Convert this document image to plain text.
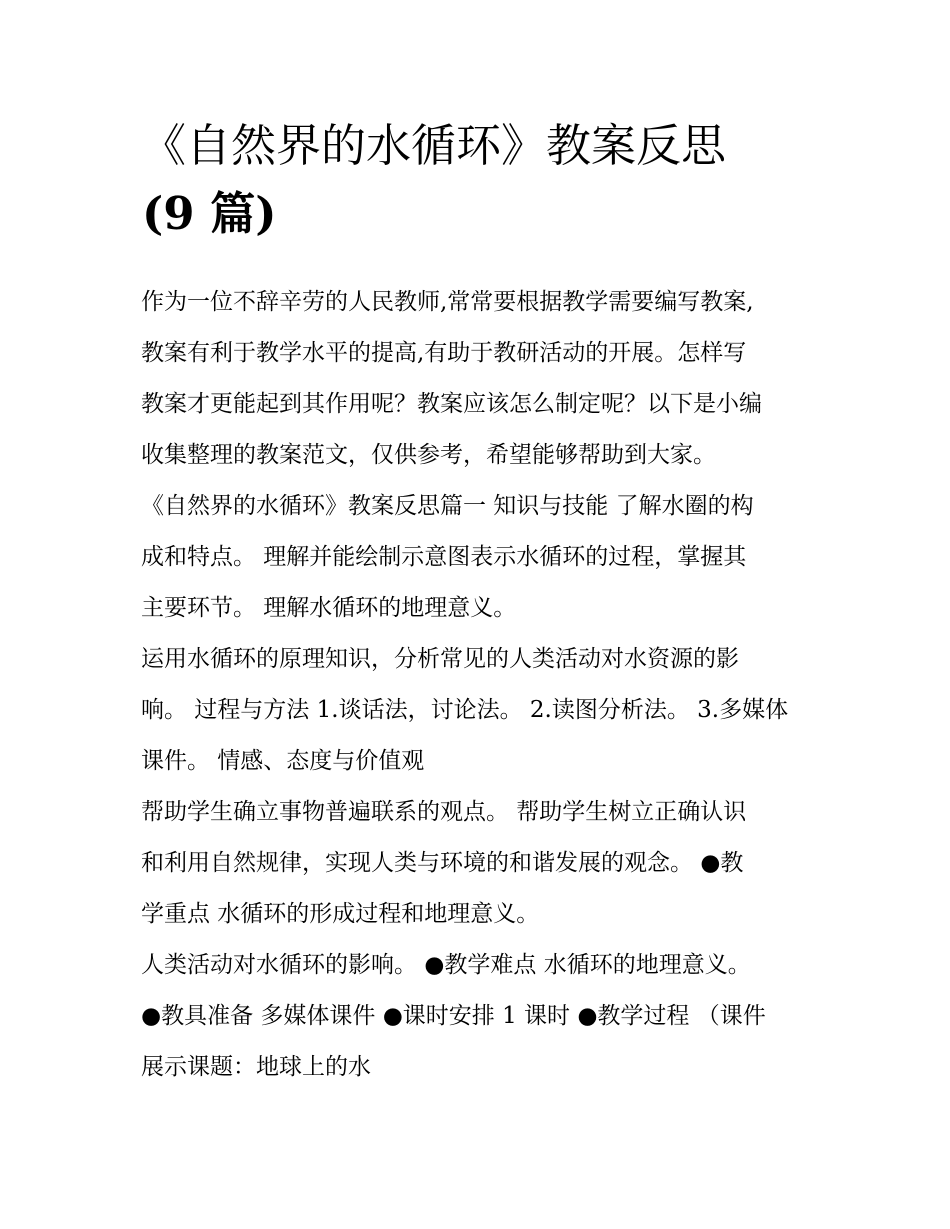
《自然界的水循环》教案反思
(9 篇)
作为一位不辞辛劳的人民教师,常常要根据教学需要编写教案,
教案有利于教学水平的提高,有助于教研活动的开展。怎样写
教案才更能起到其作用呢？教案应该怎么制定呢？以下是小编
收集整理的教案范文，仅供参考，希望能够帮助到大家。
《自然界的水循环》教案反思篇一 知识与技能 了解水圈的构
成和特点。 理解并能绘制示意图表示水循环的过程，掌握其
主要环节。 理解水循环的地理意义。
运用水循环的原理知识，分析常见的人类活动对水资源的影
响。 过程与方法 1.谈话法，讨论法。 2.读图分析法。 3.多媒体
课件。 情感、态度与价值观
帮助学生确立事物普遍联系的观点。 帮助学生树立正确认识
和利用自然规律，实现人类与环境的和谐发展的观念。 ●教
学重点 水循环的形成过程和地理意义。
人类活动对水循环的影响。 ●教学难点 水循环的地理意义。
●教具准备 多媒体课件 ●课时安排 1 课时 ●教学过程 （课件
展示课题：地球上的水
